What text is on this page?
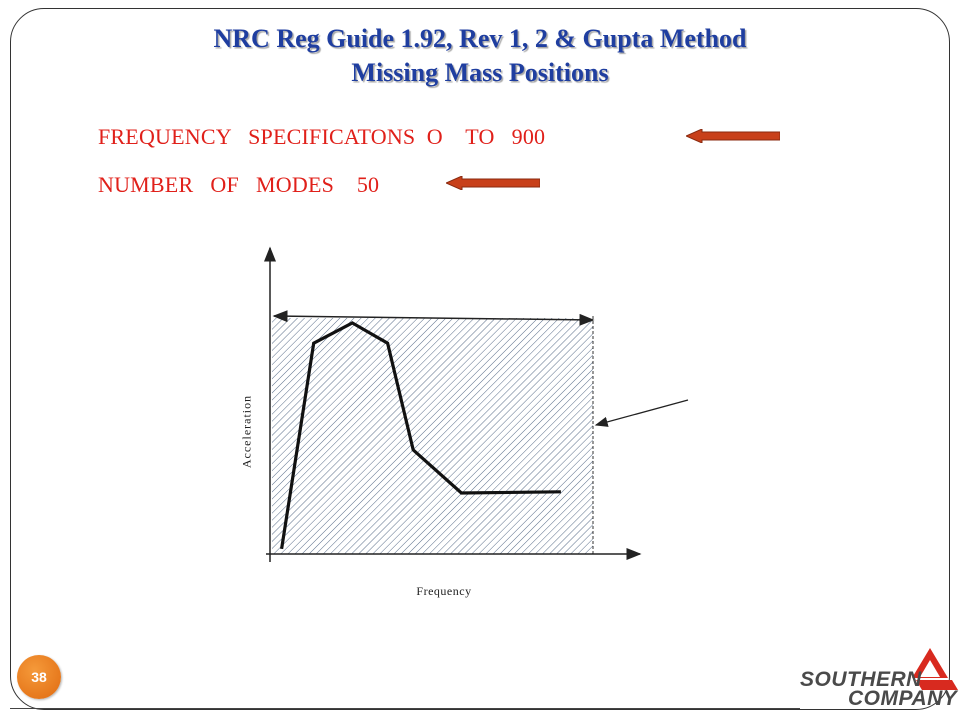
NRC Reg Guide 1.92, Rev 1, 2 & Gupta Method
Missing Mass Positions
FREQUENCY   SPECIFICATONS  O    TO   900
NUMBER   OF   MODES    50
Acceleration
Frequency
38	SOUTHERN
COMPANY
